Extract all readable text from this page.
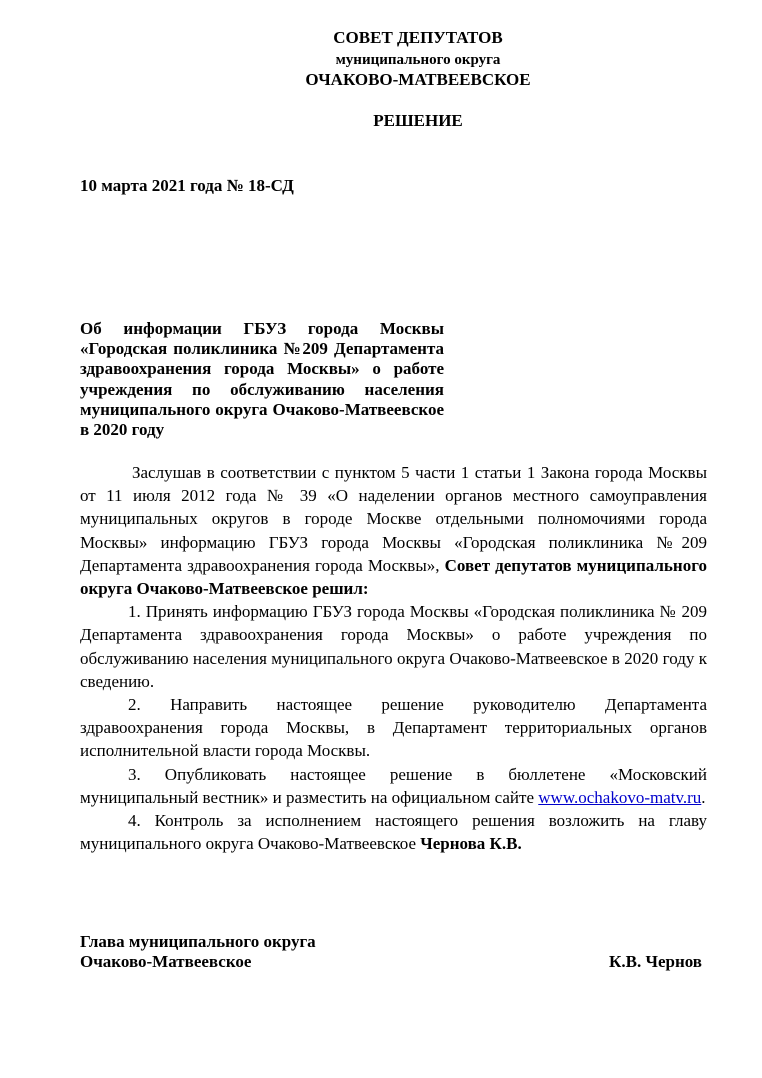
СОВЕТ ДЕПУТАТОВ
муниципального округа
ОЧАКОВО-МАТВЕЕВСКОЕ
РЕШЕНИЕ
10 марта 2021 года № 18-СД
Об информации ГБУЗ города Москвы «Городская поликлиника №209 Департамента здравоохранения города Москвы» о работе учреждения по обслуживанию населения муниципального округа Очаково-Матвеевское в 2020 году

Заслушав в соответствии с пунктом 5 части 1 статьи 1 Закона города Москвы от 11 июля 2012 года № 39 «О наделении органов местного самоуправления муниципальных округов в городе Москве отдельными полномочиями города Москвы» информацию ГБУЗ города Москвы «Городская поликлиника №209 Департамента здравоохранения города Москвы», Совет депутатов муниципального округа Очаково-Матвеевское решил:

1. Принять информацию ГБУЗ города Москвы «Городская поликлиника № 209 Департамента здравоохранения города Москвы» о работе учреждения по обслуживанию населения муниципального округа Очаково-Матвеевское в 2020 году к сведению.

2. Направить настоящее решение руководителю Департамента здравоохранения города Москвы, в Департамент территориальных органов исполнительной власти города Москвы.

3. Опубликовать настоящее решение в бюллетене «Московский муниципальный вестник» и разместить на официальном сайте www.ochakovo-matv.ru.

4. Контроль за исполнением настоящего решения возложить на главу муниципального округа Очаково-Матвеевское Чернова К.В.

Глава муниципального округа
Очаково-Матвеевское	К.В. Чернов
